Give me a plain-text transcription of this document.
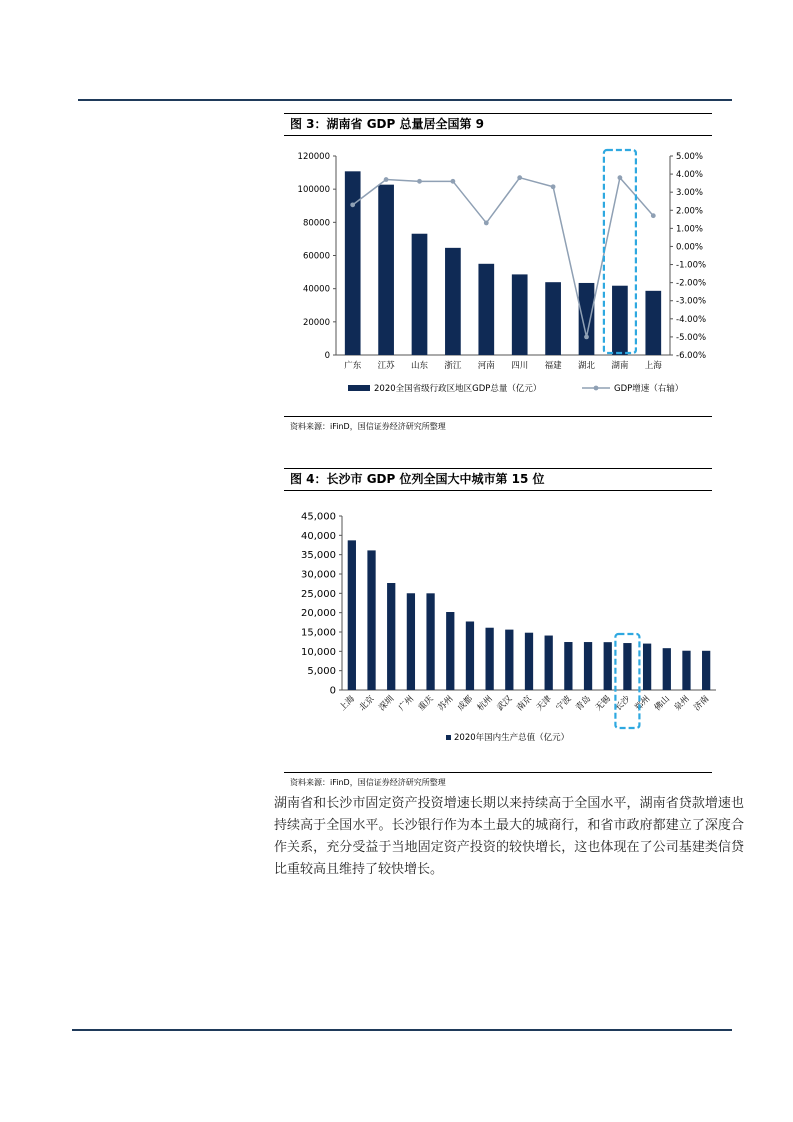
图 3：湖南省 GDP 总量居全国第 9
0
20000
40000
60000
80000
100000
120000
-6.00%
-5.00%
-4.00%
-3.00%
-2.00%
-1.00%
0.00%
1.00%
2.00%
3.00%
4.00%
5.00%
广东 江苏 山东 浙江 河南 四川 福建 湖北 湖南 上海
2020全国省级行政区地区GDP总量（亿元）	GDP增速（右轴）
资料来源：iFinD，国信证券经济研究所整理
图 4：长沙市 GDP 位列全国大中城市第 15 位
0
5,000
10,000
15,000
20,000
25,000
30,000
35,000
40,000
45,000
上海 北京 深圳 广州 重庆 苏州 成都 杭州 武汉 南京 天津 宁波 青岛 无锡 长沙 郑州 佛山 泉州 济南
2020年国内生产总值（亿元）
资料来源：iFinD，国信证券经济研究所整理
湖南省和长沙市固定资产投资增速长期以来持续高于全国水平，湖南省贷款增速也持续高于全国水平。长沙银行作为本土最大的城商行，和省市政府都建立了深度合作关系，充分受益于当地固定资产投资的较快增长，这也体现在了公司基建类信贷比重较高且维持了较快增长。
